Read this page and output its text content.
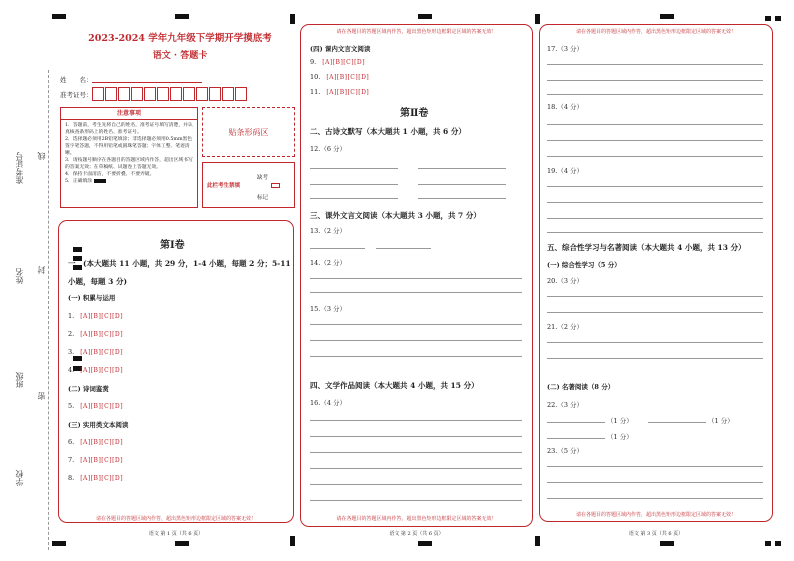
准考证号 线
姓名 封
班级
密
学校
2023-2024 学年九年级下学期开学摸底考
语文 · 答题卡
姓　　名：
准考证号：
注意事项
1．答题前，考生先将自己的姓名，准考证号填写清楚，并认真核查条形码上的姓名、准考证号。
2．选择题必须用2B铅笔填涂；非选择题必须用0.5mm黑色签字笔答题，不得用铅笔或圆珠笔答题；字体工整、笔迹清晰。
3．请按题号顺序在各题目的答题区域内作答，超出区域书写的答案无效；在草稿纸、试题卷上答题无效。
4．保持卡面清洁，不要折叠、不要弄破。
5．正确填涂
贴条形码区
此栏考生禁填
缺考
标记
第Ⅰ卷
一、(本大题共 11 小题，共 29 分，1-4 小题，每题 2 分；5-11
小题，每题 3 分)
(一) 积累与运用
1. [A][B][C][D]
2. [A][B][C][D]
3. [A][B][C][D]
4. [A][B][C][D]
(二) 诗词鉴赏
5. [A][B][C][D]
(三) 实用类文本阅读
6. [A][B][C][D]
7. [A][B][C][D]
8. [A][B][C][D]
请在各题目的答题区域内作答，超出黑色矩形边框限定区域的答案无效！
语文 第 1 页（共 6 页）
请在各题目的答题区域内作答，超出黑色矩形边框限定区域的答案无效！
(四) 课内文言文阅读
9. [A][B][C][D]
10. [A][B][C][D]
11. [A][B][C][D]
第Ⅱ卷
二、古诗文默写（本大题共 1 小题，共 6 分）
12.（6 分）
三、课外文言文阅读（本大题共 3 小题，共 7 分）
13.（2 分）
14.（2 分）
15.（3 分）
四、文学作品阅读（本大题共 4 小题，共 15 分）
16.（4 分）
请在各题目的答题区域内作答，超出黑色矩形边框限定区域的答案无效！
语文 第 2 页（共 6 页）
请在各题目的答题区域内作答，超出黑色矩形边框限定区域的答案无效！
17.（3 分）
18.（4 分）
19.（4 分）
五、综合性学习与名著阅读（本大题共 4 小题，共 13 分）
(一) 综合性学习（5 分）
20.（3 分）
21.（2 分）
(二) 名著阅读（8 分）
22.（3 分）
（1 分）	（1 分）
（1 分）
23.（5 分）
请在各题目的答题区域内作答，超出黑色矩形边框限定区域的答案无效！
语文 第 3 页（共 6 页）
